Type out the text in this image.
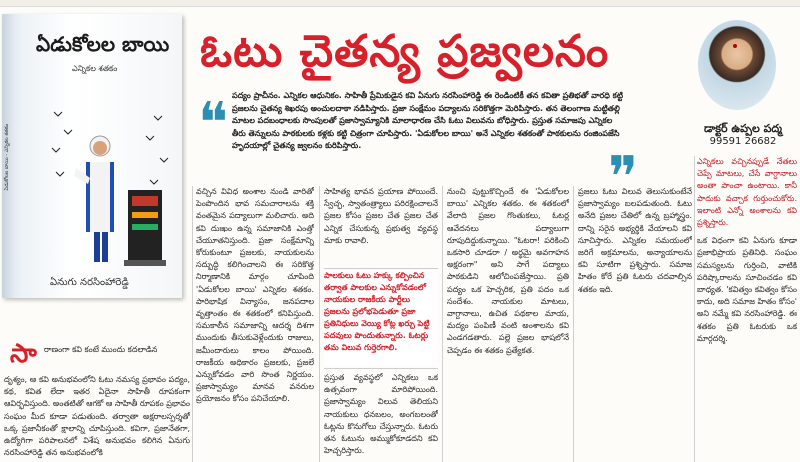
ఏడుకోలల బాయి - ఎన్నికల శతకం
ఏడుకోలల బాయి
ఎన్నికల శతకం
ఏనుగు నరసింహారెడ్డి
ఓటు చైతన్య ప్రజ్వలనం
డాక్టర్ ఉప్పల పద్మ
99591 26682
❝ పద్యం ప్రాచీనం. ఎన్నికల ఆధునికం. సాహితీ ప్రేమికుడైన కవి ఏనుగు నరసింహారెడ్డి ఈ రెండింటికీ తన కవితా ప్రతిభతో వారధి కట్టి ప్రజలను చైతన్య శిఖరపు అంచులదాకా నడిపిస్తారు. ప్రజా సంక్షేమం పద్యాలను సరికొత్తగా మెరిపిస్తారు. తన తెలంగాణ మట్టితల్లి మాటల పదబంధాలకు సొంపులతో ప్రజాస్వామ్యానికి మాలాధారణ చేసి ఓటు విలువను బోధిస్తారు. ప్రస్తుత సమాజపు ఎన్నికల తీరు తెన్నులను పాఠకులకు కళ్లకు కట్టి చిత్రంగా చూపిస్తారు. 'ఏడుకోలల బాయి' అనే ఎన్నికల శతకంతో పాఠకులను రంజింపజేసి హృదయాల్లో చైతన్య జ్వలనం కురిపిస్తారు.	❞
సా రాణంగా కవి కంటే ముందు కదలాడిన
దృశ్యం, ఆ కవి అనుభవంలోని ఓటు నమస్య ప్రభావం పద్యం, కథ, కవిత లేదా ఇతర ఏదైనా సాహితీ రూపకంగా ఆవిర్భవిస్తుంది. అంతటితో ఆగకో ఆ సాహితీ రూపకం ప్రభావం సంఘం మీద కూడా పడుతుంది. తర్వాతా అక్షరాలస్పర్శతో ఒక్క ప్రజానీకంతో క్షాలాన్ని చూపిస్తుంది. కవిగా, ప్రజానేతగా, ఉద్యోగిగా పరిపాలనలో విశేష అనుభవం కలిగిన ఏనుగు నరసింహారెడ్డి తన అనుభవంలోకి
వచ్చిన వివిధ అంశాల నుండి వారితో పెంపొందిన భావ సమచారాలను శక్తి వంతమైన పద్యాలుగా మలిచారు. అది కవి దుఃఖం ఉన్న సమాజానికి ఎంత్తో చేయూతనిస్తుంది. ప్రజా సంక్షేమాన్ని కోరుకుంటూ ప్రజలకు, నాయకులను సద్బుద్ధి కలిగించాలని ఈ సరికొత్త నిర్మాణానికి మార్గం చూపింది 'ఏడుకోలల బాయి' ఎన్నికల శతకం. పారిభాషిక విన్యాసం, జనపదాల వృత్తాంతం ఈ శతకంలో కనిపిస్తుంది. సమకాలీన సమాజాన్ని ఆదర్శ దిశగా ముందుకు తీసుకువెళ్లేందుకు రాజులు, జమీందారులు కాలం పోయింది. రాజకీయ అధికారం ప్రజలకు, ప్రజలే ఎన్నుకోవడం వారి సొంత నిర్ణయం. ప్రజాస్వామ్యం మానవ వనరుల ప్రయోజనం కోసం పనిచేయాలి.
సాహిత్య భావన ప్రయాణ పోయిందే. స్వేచ్ఛ, స్వాతంత్ర్యాలు పరిరక్షించాలనే ప్రజల కోసం ప్రజల చేత ప్రజల చేత ఎన్నిక చేసుకున్న ప్రభుత్వ వ్యవస్థ మాకు రావాలి.
పాలకులు ఓటు హక్కు కల్పించిన తర్వాత పాలకుల ఎన్నుకోవడంలో నాయకుల రాజకీయ పార్టీలు ప్రజలను ప్రలోభపెడుతూ ప్రజా ప్రతినిధులు వెయ్యి కోట్ల ఖర్చు పెట్టి పదవులు పొందుతున్నారు. ఓటర్లు తమ విలువ గుర్తెరగాలి.
ప్రస్తుత వ్యవస్థలో ఎన్నికలు ఒక ఉత్సవంగా మారిపోయింది. ప్రజాస్వామ్యం విలువ తెలియని నాయకులు ధనబలం, అంగబలంతో ఓట్లను కొనుగోలు చేస్తున్నారు. ఓటరు తన ఓటును అమ్ముకోకూడదని కవి హెచ్చరిస్తారు.
నుంచి పుట్టుకొచ్చిందే ఈ 'ఏడుకోలల బాయి' ఎన్నికల శతకం. ఈ శతకంలో వేలాది ప్రజల గొంతుకలు, ఓటర్ల ఆవేదనలు పద్యాలుగా రూపుదిద్దుకున్నాయి. "ఓటరా! పరికించి ఒకసారి చూడరా / అర్థమై అవగాహన అక్షరంగా" అని సాగే పద్యాలు పాఠకుడిని ఆలోచింపజేస్తాయి. ప్రతి పద్యం ఒక హెచ్చరిక, ప్రతి పదం ఒక సందేశం. నాయకుల మాటలు, వాగ్దానాలు, ఉచిత పథకాల మాయ, మద్యం పంపిణీ వంటి అంశాలను కవి ఎండగడతారు. పల్లె ప్రజల భాషలోనే చెప్పడం ఈ శతకం ప్రత్యేకత.
ప్రజలు ఓటు విలువ తెలుసుకుంటేనే ప్రజాస్వామ్యం బలపడుతుంది. ఓటు అనేది ప్రజల చేతిలో ఉన్న బ్రహ్మాస్త్రం. దాన్ని సరైన అభ్యర్థికి వేయాలని కవి సూచిస్తారు. ఎన్నికల సమయంలో జరిగే అక్రమాలను, అన్యాయాలను కవి సూటిగా ప్రశ్నిస్తారు. సమాజ హితం కోరే ప్రతి ఓటరు చదవాల్సిన శతకం ఇది.
ఎన్నికలు వచ్చినప్పుడే నేతలు చెప్పే మాటలు, చేసే వాగ్దానాలు అంతా పాంచా ఉంటాయి. కానీ పాదుకు వచ్చాక గుర్తుంచుకోరు. ఇలాంటి ఎన్నో అంశాలను కవి ప్రశ్నిస్తారు.
ఒక విధంగా కవి ఏనుగు కూడా ప్రజాభిప్రాయ ప్రతినిధి. సంఘం సమస్యలను గుర్తించి, వాటికి పరిష్కారాలను సూచించడం కవి బాధ్యత. 'కవిత్వం కవిత్వం కోసం కాదు, అది సమాజ హితం కోసం' అని నమ్మే కవి నరసింహారెడ్డి. ఈ శతకం ప్రతి ఓటరుకు ఒక మార్గదర్శి.
